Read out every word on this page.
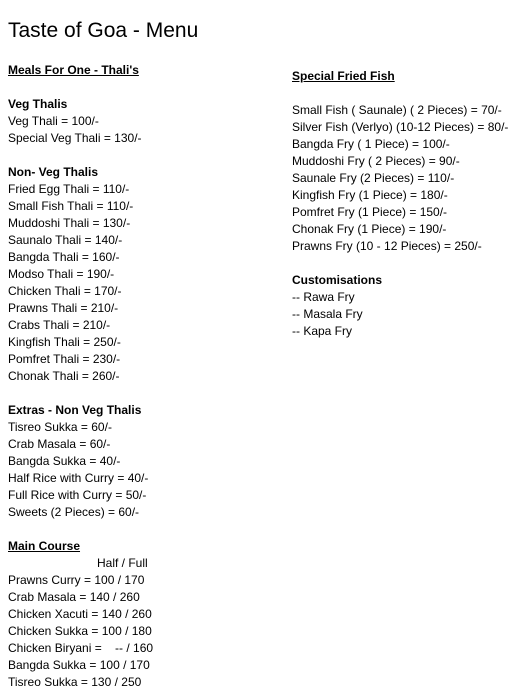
Taste of Goa - Menu
Meals For One - Thali's
Veg Thalis
Veg Thali = 100/-
Special Veg Thali = 130/-
Non- Veg Thalis
Fried Egg Thali = 110/-
Small Fish Thali = 110/-
Muddoshi Thali = 130/-
Saunalo Thali = 140/-
Bangda Thali = 160/-
Modso Thali = 190/-
Chicken Thali = 170/-
Prawns Thali = 210/-
Crabs Thali = 210/-
Kingfish Thali = 250/-
Pomfret Thali = 230/-
Chonak Thali = 260/-
Extras - Non Veg Thalis
Tisreo Sukka = 60/-
Crab Masala = 60/-
Bangda Sukka = 40/-
Half Rice with Curry = 40/-
Full Rice with Curry = 50/-
Sweets (2 Pieces) = 60/-
Main Course
Half / Full
Prawns Curry = 100 / 170
Crab Masala = 140 / 260
Chicken Xacuti = 140 / 260
Chicken Sukka = 100 / 180
Chicken Biryani =    -- / 160
Bangda Sukka = 100 / 170
Tisreo Sukka = 130 / 250
Special Fried Fish
Small Fish ( Saunale) ( 2 Pieces) = 70/-
Silver Fish (Verlyo) (10-12 Pieces) = 80/-
Bangda Fry ( 1 Piece) = 100/-
Muddoshi Fry ( 2 Pieces) = 90/-
Saunale Fry (2 Pieces) = 110/-
Kingfish Fry (1 Piece) = 180/-
Pomfret Fry (1 Piece) = 150/-
Chonak Fry (1 Piece) = 190/-
Prawns Fry (10 - 12 Pieces) = 250/-
Customisations
-- Rawa Fry
-- Masala Fry
-- Kapa Fry
